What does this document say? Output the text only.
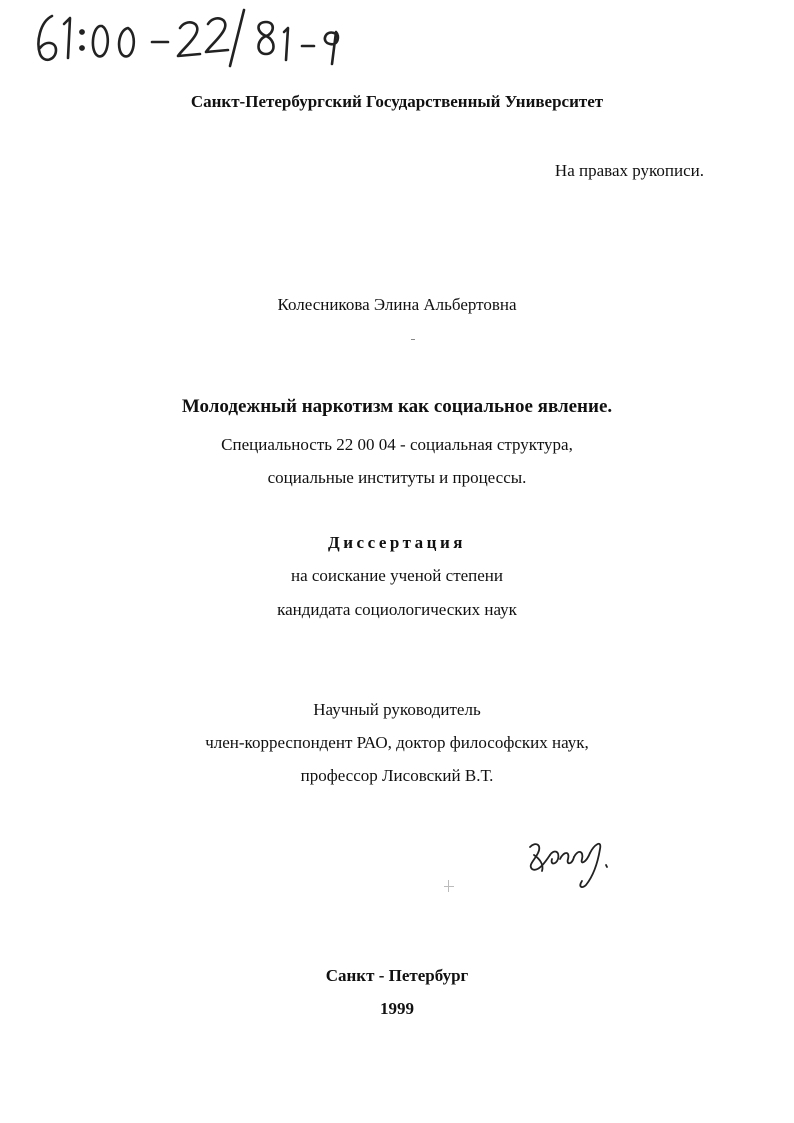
Санкт-Петербургский Государственный Университет
На правах рукописи.
Колесникова Элина Альбертовна
Молодежный наркотизм как социальное явление.
Специальность 22 00 04 - социальная структура,
социальные институты и процессы.
Диссертация
на соискание ученой степени
кандидата социологических наук
Научный руководитель
член-корреспондент РАО, доктор философских наук,
профессор Лисовский В.Т.
Санкт - Петербург
1999
